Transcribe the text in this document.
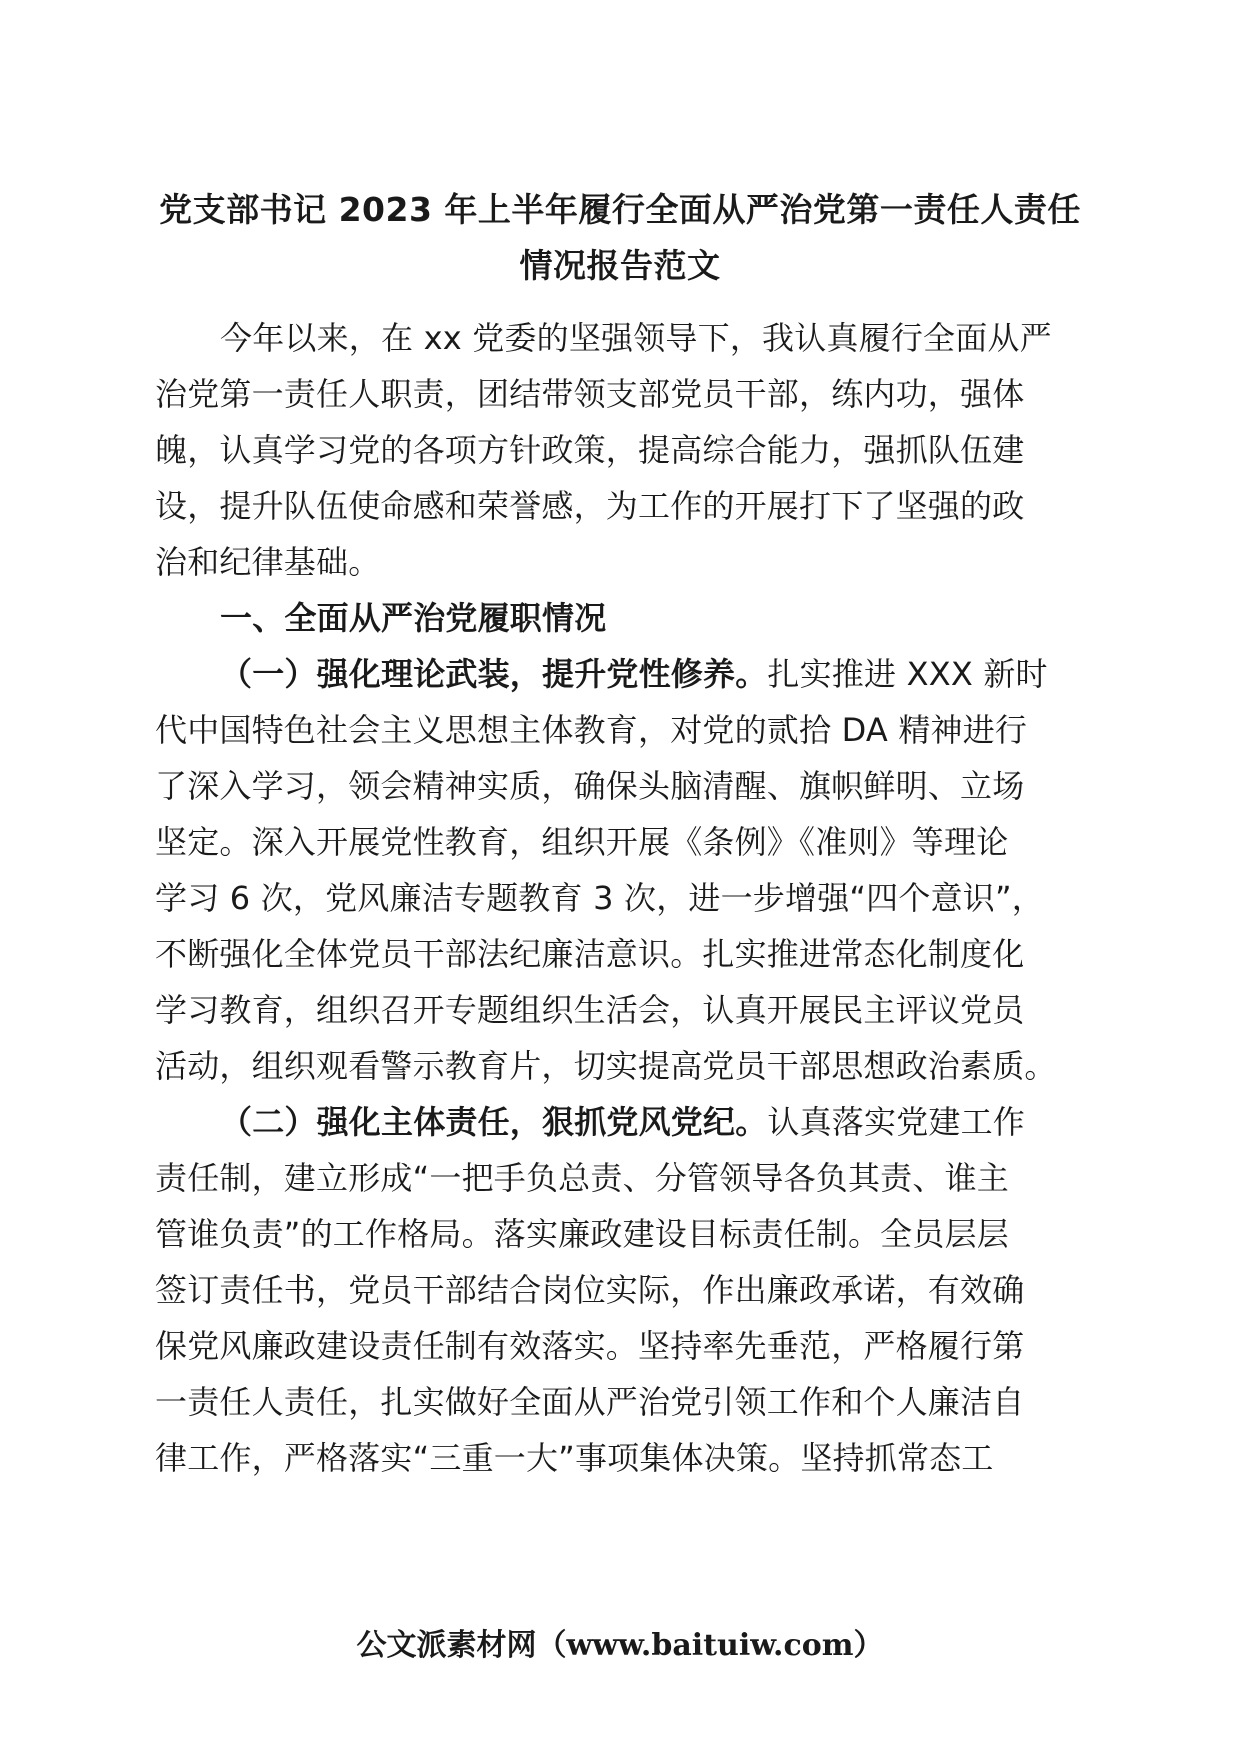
党支部书记 2023 年上半年履行全面从严治党第一责任人责任
情况报告范文
今年以来，在 xx 党委的坚强领导下，我认真履行全面从严
治党第一责任人职责，团结带领支部党员干部，练内功，强体
魄，认真学习党的各项方针政策，提高综合能力，强抓队伍建
设，提升队伍使命感和荣誉感，为工作的开展打下了坚强的政
治和纪律基础。
一、全面从严治党履职情况
（一）强化理论武装，提升党性修养。扎实推进 XXX 新时
代中国特色社会主义思想主体教育，对党的贰拾 DA 精神进行
了深入学习，领会精神实质，确保头脑清醒、旗帜鲜明、立场
坚定。深入开展党性教育，组织开展《条例》《准则》等理论
学习 6 次，党风廉洁专题教育 3 次，进一步增强“四个意识”，
不断强化全体党员干部法纪廉洁意识。扎实推进常态化制度化
学习教育，组织召开专题组织生活会，认真开展民主评议党员
活动，组织观看警示教育片，切实提高党员干部思想政治素质。
（二）强化主体责任，狠抓党风党纪。认真落实党建工作
责任制，建立形成“一把手负总责、分管领导各负其责、谁主
管谁负责”的工作格局。落实廉政建设目标责任制。全员层层
签订责任书，党员干部结合岗位实际，作出廉政承诺，有效确
保党风廉政建设责任制有效落实。坚持率先垂范，严格履行第
一责任人责任，扎实做好全面从严治党引领工作和个人廉洁自
律工作，严格落实“三重一大”事项集体决策。坚持抓常态工
公文派素材网（www.baituiw.com）
